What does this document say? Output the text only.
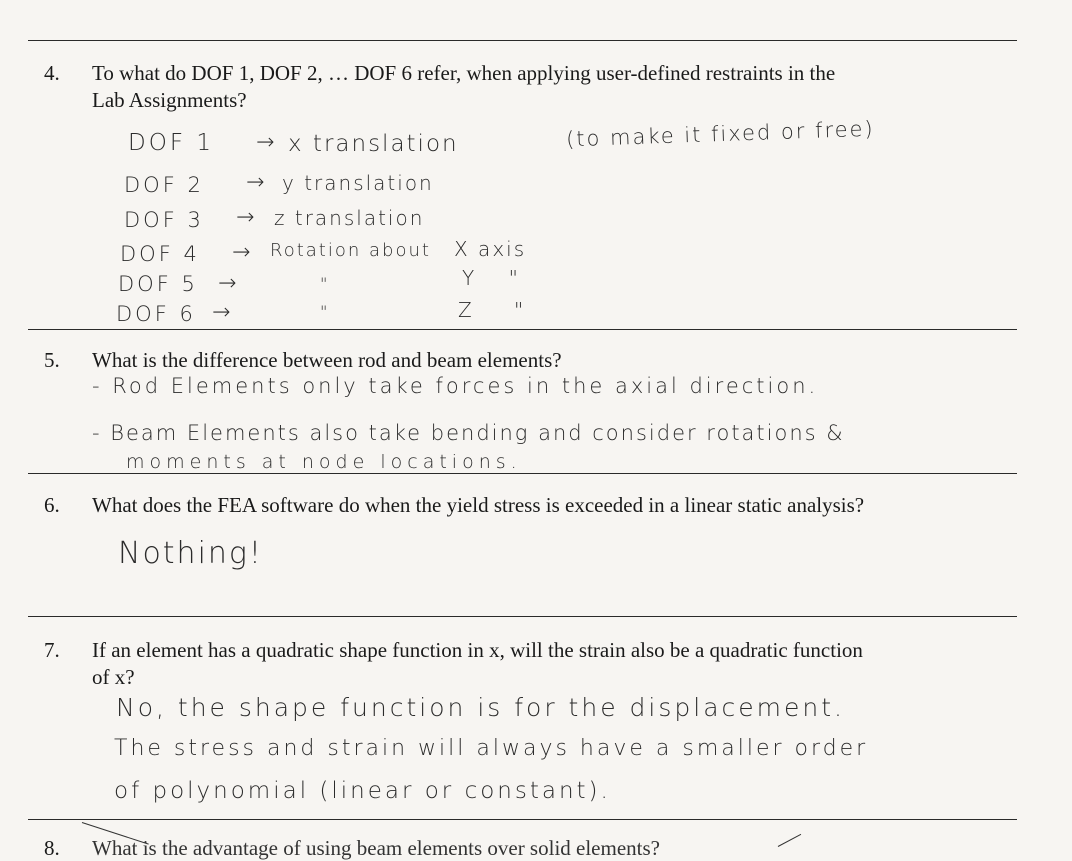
4. To what do DOF 1, DOF 2, … DOF 6 refer, when applying user-defined restraints in the
Lab Assignments?
DOF 1 → x translation	(to make it fixed or free)
DOF 2 → y translation
DOF 3 → z translation
DOF 4 → Rotation about X axis
DOF 5 →	"	Y "
DOF 6 →	"	Z "
5. What is the difference between rod and beam elements?
- Rod Elements only take forces in the axial direction.
- Beam Elements also take bending and consider rotations &
moments at node locations.
6. What does the FEA software do when the yield stress is exceeded in a linear static analysis?
Nothing!
7. If an element has a quadratic shape function in x, will the strain also be a quadratic function
of x?
No, the shape function is for the displacement.
The stress and strain will always have a smaller order
of polynomial (linear or constant).
8. What is the advantage of using beam elements over solid elements?
